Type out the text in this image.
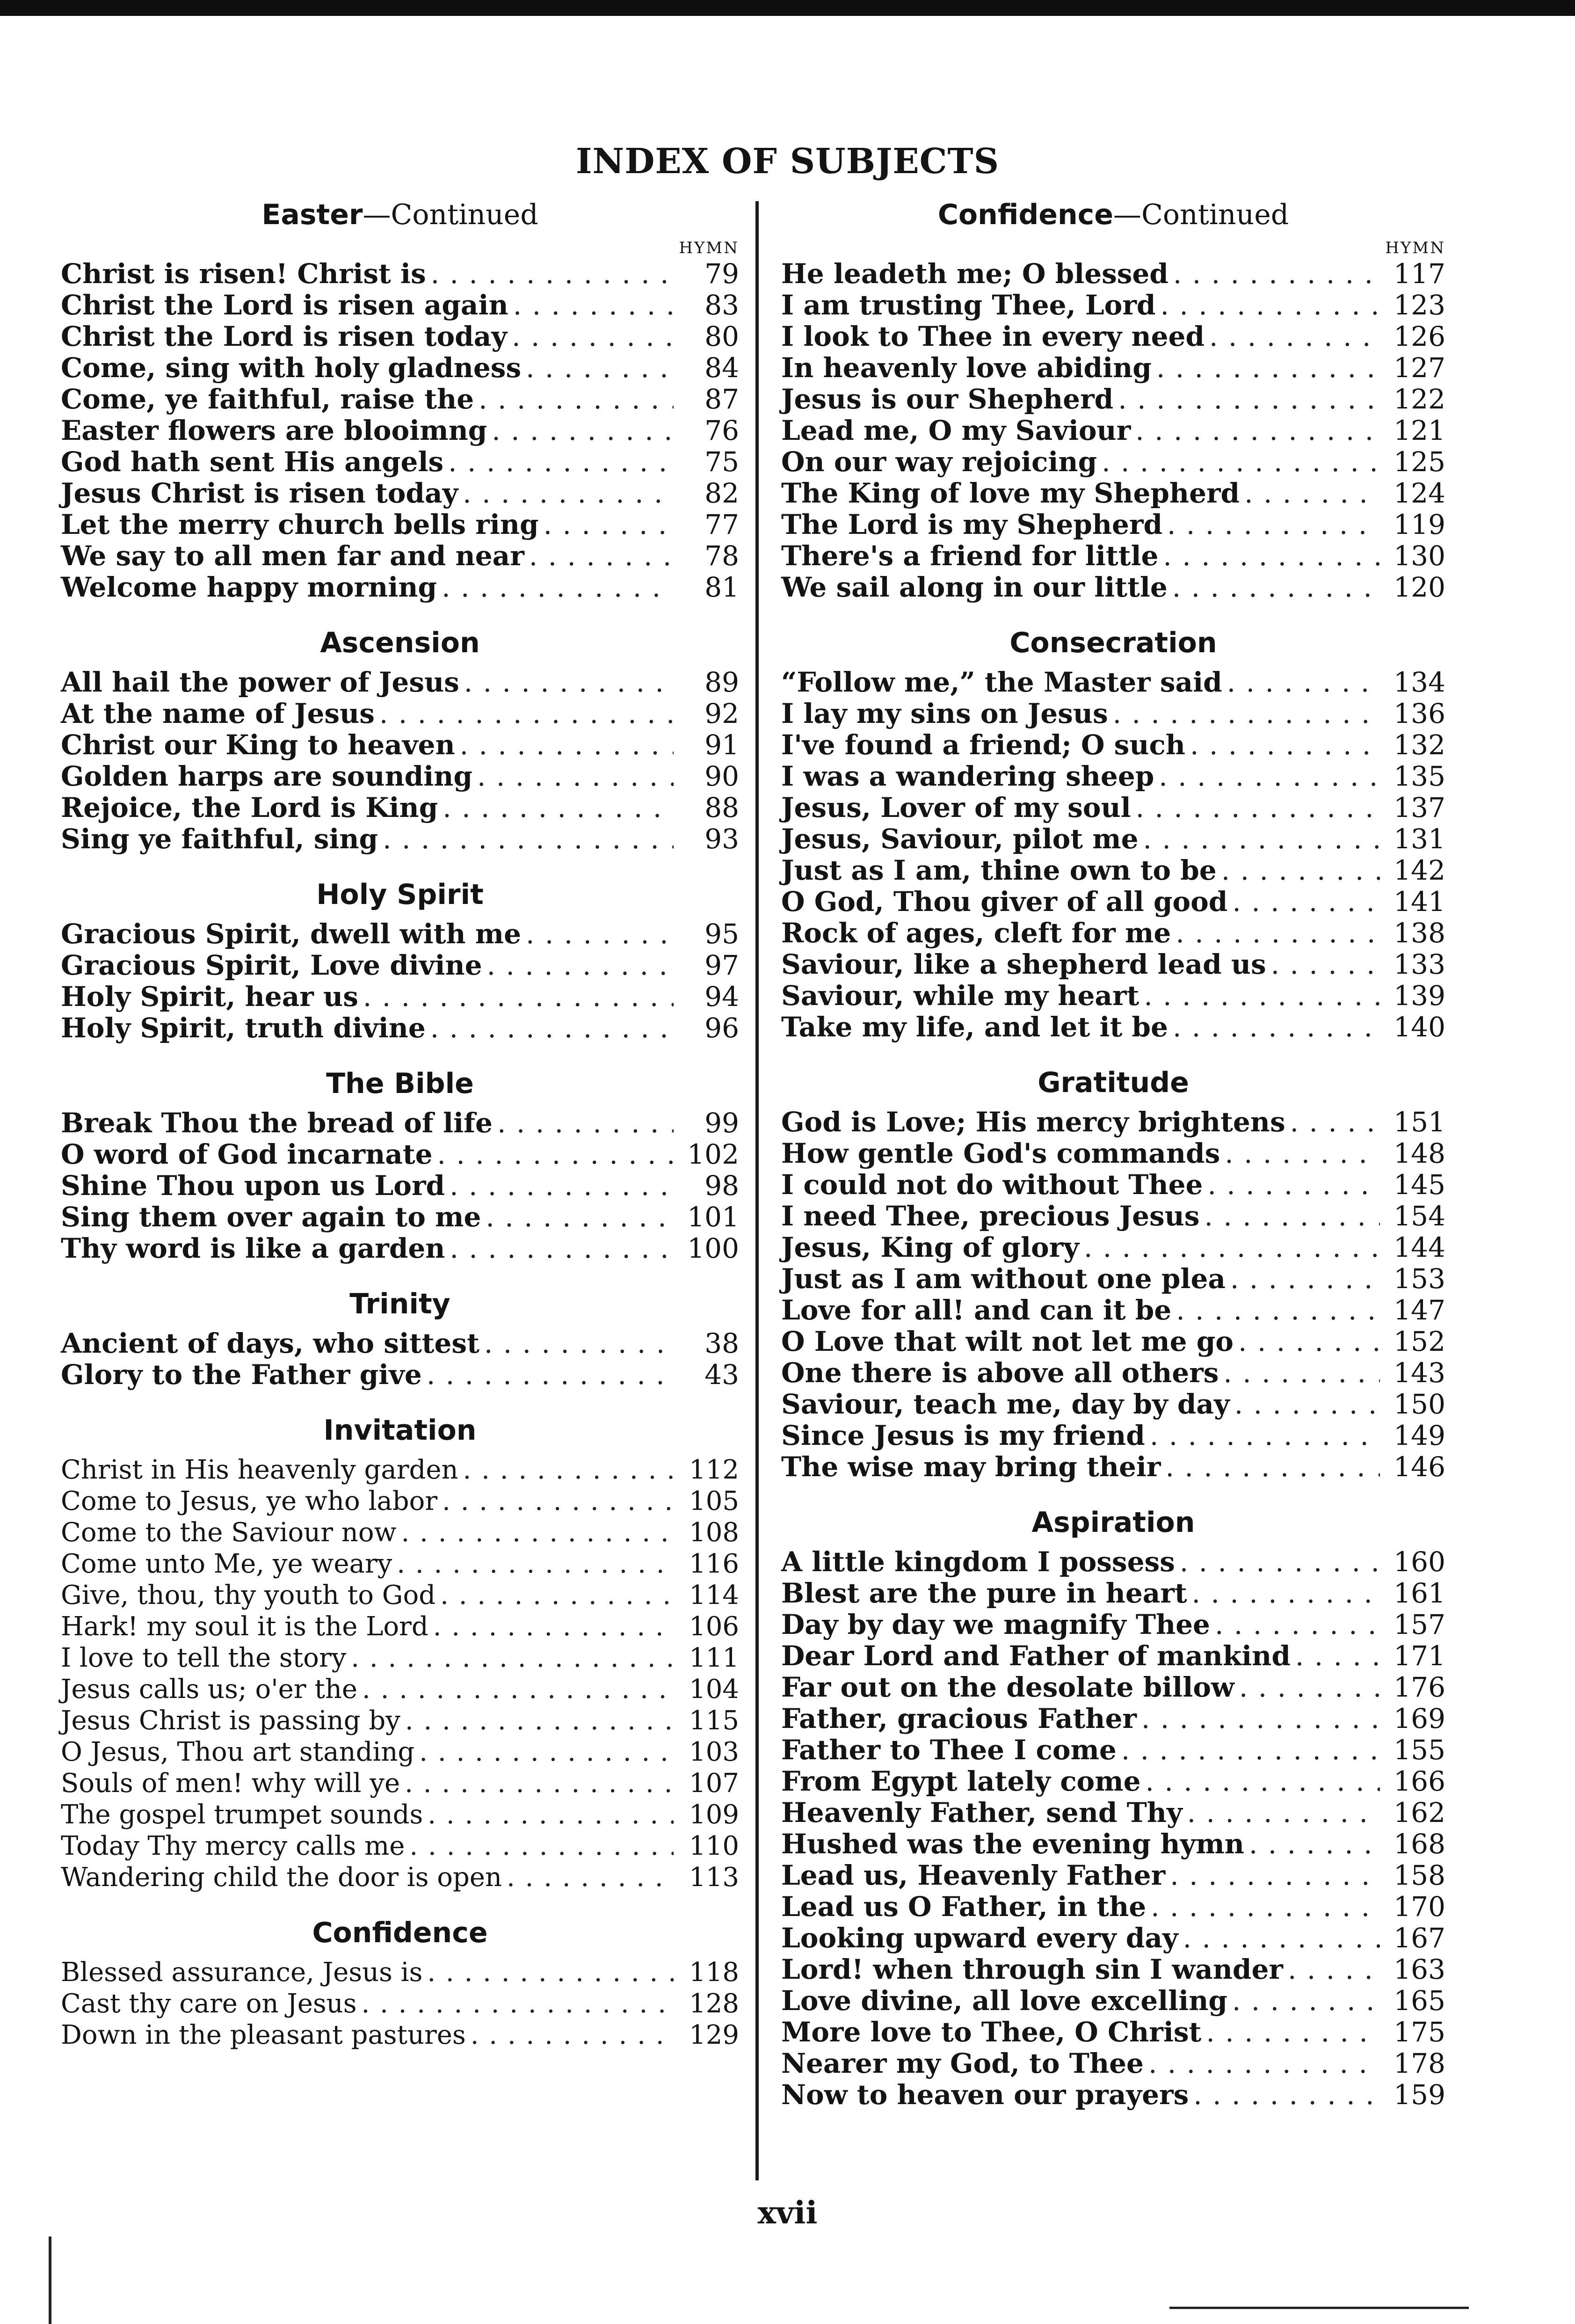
INDEX OF SUBJECTS
Easter—Continued
HYMN
Christ is risen! Christ is . . .	79
Christ the Lord is risen again . . .	83
Christ the Lord is risen today . . .	80
Come, sing with holy gladness . . .	84
Come, ye faithful, raise the . . .	87
Easter flowers are blooimng . . .	76
God hath sent His angels . . .	75
Jesus Christ is risen today . . .	82
Let the merry church bells ring . . .	77
We say to all men far and near . . .	78
Welcome happy morning . . .	81
Ascension
All hail the power of Jesus . . .	89
At the name of Jesus . . .	92
Christ our King to heaven . . .	91
Golden harps are sounding . . .	90
Rejoice, the Lord is King . . .	88
Sing ye faithful, sing . . .	93
Holy Spirit
Gracious Spirit, dwell with me . . .	95
Gracious Spirit, Love divine . . .	97
Holy Spirit, hear us . . .	94
Holy Spirit, truth divine . . .	96
The Bible
Break Thou the bread of life . . .	99
O word of God incarnate . . .	102
Shine Thou upon us Lord . . .	98
Sing them over again to me . . .	101
Thy word is like a garden . . .	100
Trinity
Ancient of days, who sittest . . .	38
Glory to the Father give . . .	43
Invitation
Christ in His heavenly garden . . .	112
Come to Jesus, ye who labor . . .	105
Come to the Saviour now . . .	108
Come unto Me, ye weary . . .	116
Give, thou, thy youth to God . . .	114
Hark! my soul it is the Lord . . .	106
I love to tell the story . . .	111
Jesus calls us; o'er the . . .	104
Jesus Christ is passing by . . .	115
O Jesus, Thou art standing . . .	103
Souls of men! why will ye . . .	107
The gospel trumpet sounds . . .	109
Today Thy mercy calls me . . .	110
Wandering child the door is open . . .	113
Confidence
Blessed assurance, Jesus is . . .	118
Cast thy care on Jesus . . .	128
Down in the pleasant pastures . . .	129
Confidence—Continued
HYMN
He leadeth me; O blessed . . .	117
I am trusting Thee, Lord . . .	123
I look to Thee in every need . . .	126
In heavenly love abiding . . .	127
Jesus is our Shepherd . . .	122
Lead me, O my Saviour . . .	121
On our way rejoicing . . .	125
The King of love my Shepherd . . .	124
The Lord is my Shepherd . . .	119
There's a friend for little . . .	130
We sail along in our little . . .	120
Consecration
“Follow me,” the Master said . . .	134
I lay my sins on Jesus . . .	136
I've found a friend; O such . . .	132
I was a wandering sheep . . .	135
Jesus, Lover of my soul . . .	137
Jesus, Saviour, pilot me . . .	131
Just as I am, thine own to be . . .	142
O God, Thou giver of all good . . .	141
Rock of ages, cleft for me . . .	138
Saviour, like a shepherd lead us . . .	133
Saviour, while my heart . . .	139
Take my life, and let it be . . .	140
Gratitude
God is Love; His mercy brightens . . .	151
How gentle God's commands . . .	148
I could not do without Thee . . .	145
I need Thee, precious Jesus . . .	154
Jesus, King of glory . . .	144
Just as I am without one plea . . .	153
Love for all! and can it be . . .	147
O Love that wilt not let me go . . .	152
One there is above all others . . .	143
Saviour, teach me, day by day . . .	150
Since Jesus is my friend . . .	149
The wise may bring their . . .	146
Aspiration
A little kingdom I possess . . .	160
Blest are the pure in heart . . .	161
Day by day we magnify Thee . . .	157
Dear Lord and Father of mankind . . .	171
Far out on the desolate billow . . .	176
Father, gracious Father . . .	169
Father to Thee I come . . .	155
From Egypt lately come . . .	166
Heavenly Father, send Thy . . .	162
Hushed was the evening hymn . . .	168
Lead us, Heavenly Father . . .	158
Lead us O Father, in the . . .	170
Looking upward every day . . .	167
Lord! when through sin I wander . . .	163
Love divine, all love excelling . . .	165
More love to Thee, O Christ . . .	175
Nearer my God, to Thee . . .	178
Now to heaven our prayers . . .	159
xvii
